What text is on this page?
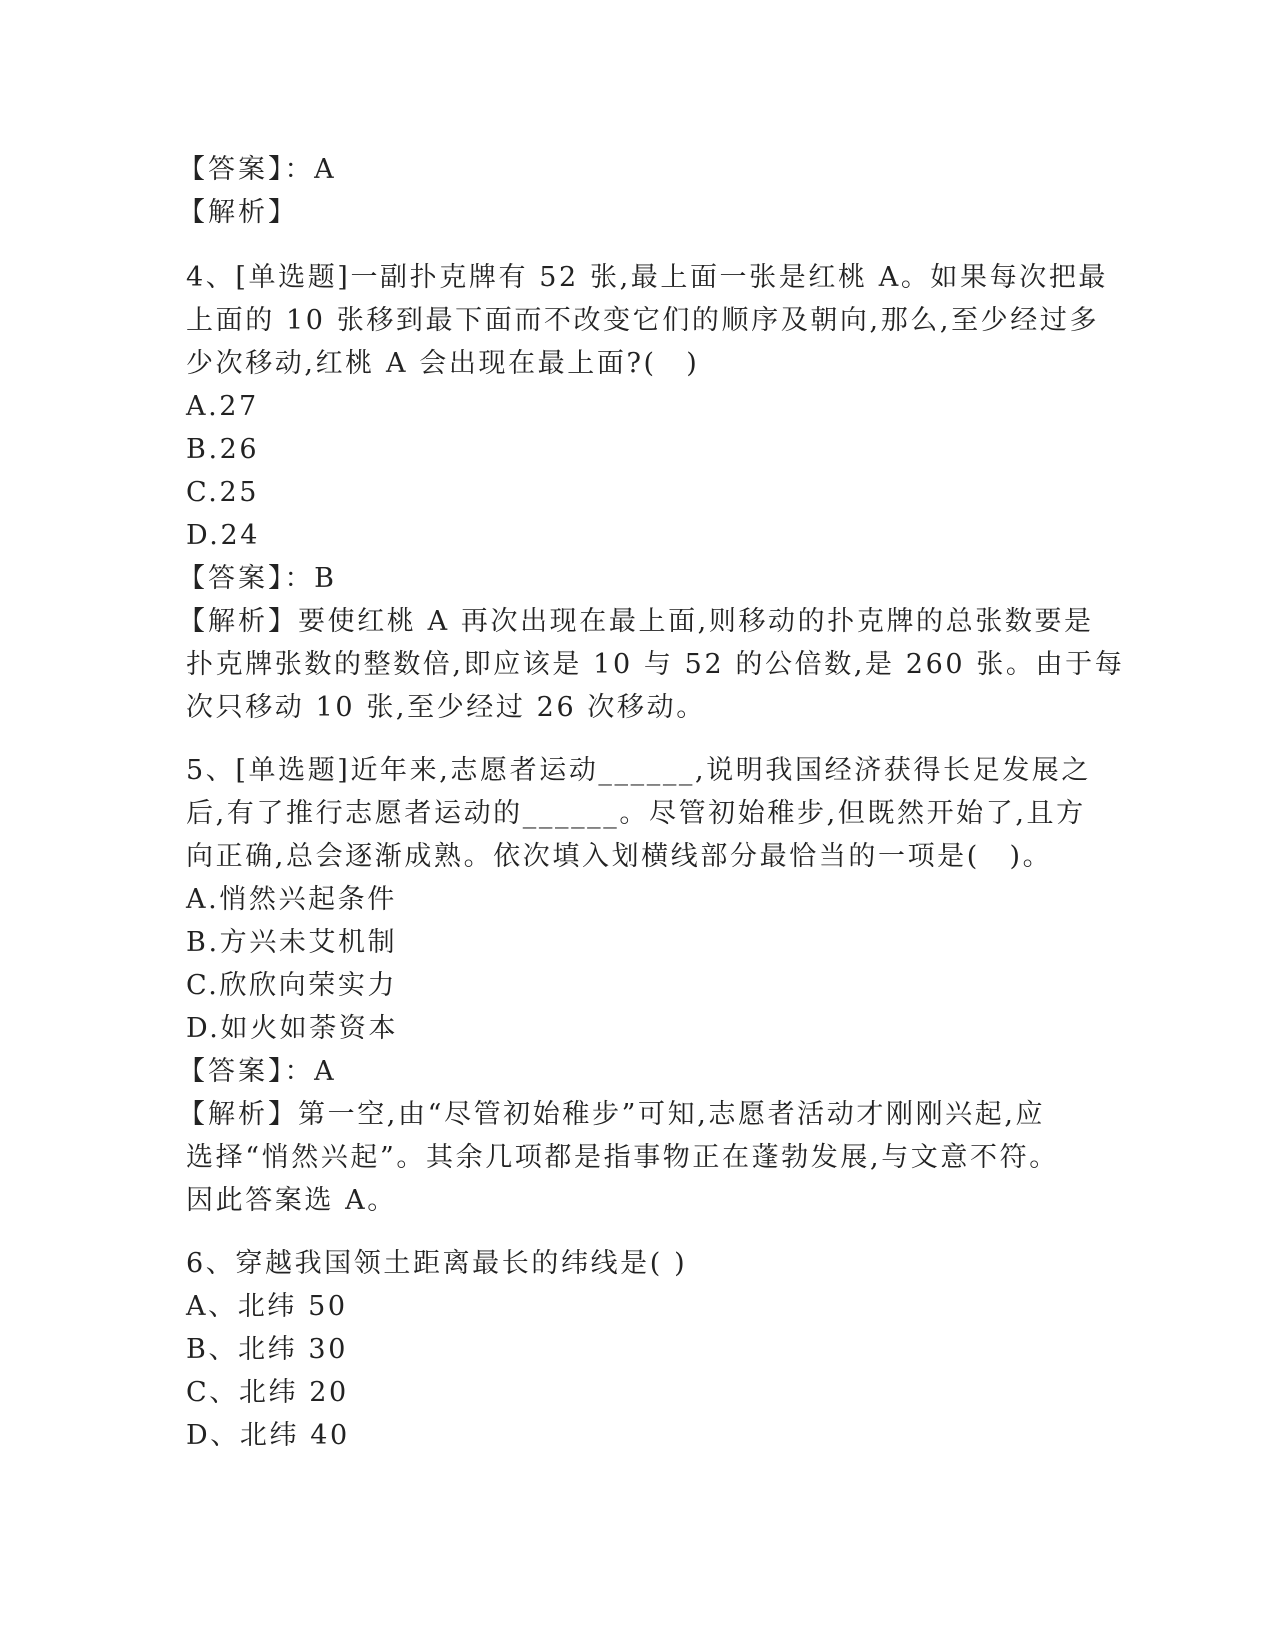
【答案】：A
【解析】
4、[单选题]一副扑克牌有 52 张,最上面一张是红桃 A。如果每次把最
上面的 10 张移到最下面而不改变它们的顺序及朝向,那么,至少经过多
少次移动,红桃 A 会出现在最上面?(　)
A.27
B.26
C.25
D.24
【答案】：B
【解析】要使红桃 A 再次出现在最上面,则移动的扑克牌的总张数要是
扑克牌张数的整数倍,即应该是 10 与 52 的公倍数,是 260 张。由于每
次只移动 10 张,至少经过 26 次移动。
5、[单选题]近年来,志愿者运动______,说明我国经济获得长足发展之
后,有了推行志愿者运动的______。尽管初始稚步,但既然开始了,且方
向正确,总会逐渐成熟。依次填入划横线部分最恰当的一项是(　)。
A.悄然兴起条件
B.方兴未艾机制
C.欣欣向荣实力
D.如火如荼资本
【答案】：A
【解析】第一空,由“尽管初始稚步”可知,志愿者活动才刚刚兴起,应
选择“悄然兴起”。其余几项都是指事物正在蓬勃发展,与文意不符。
因此答案选 A。
6、穿越我国领土距离最长的纬线是( )
A、北纬 50
B、北纬 30
C、北纬 20
D、北纬 40
